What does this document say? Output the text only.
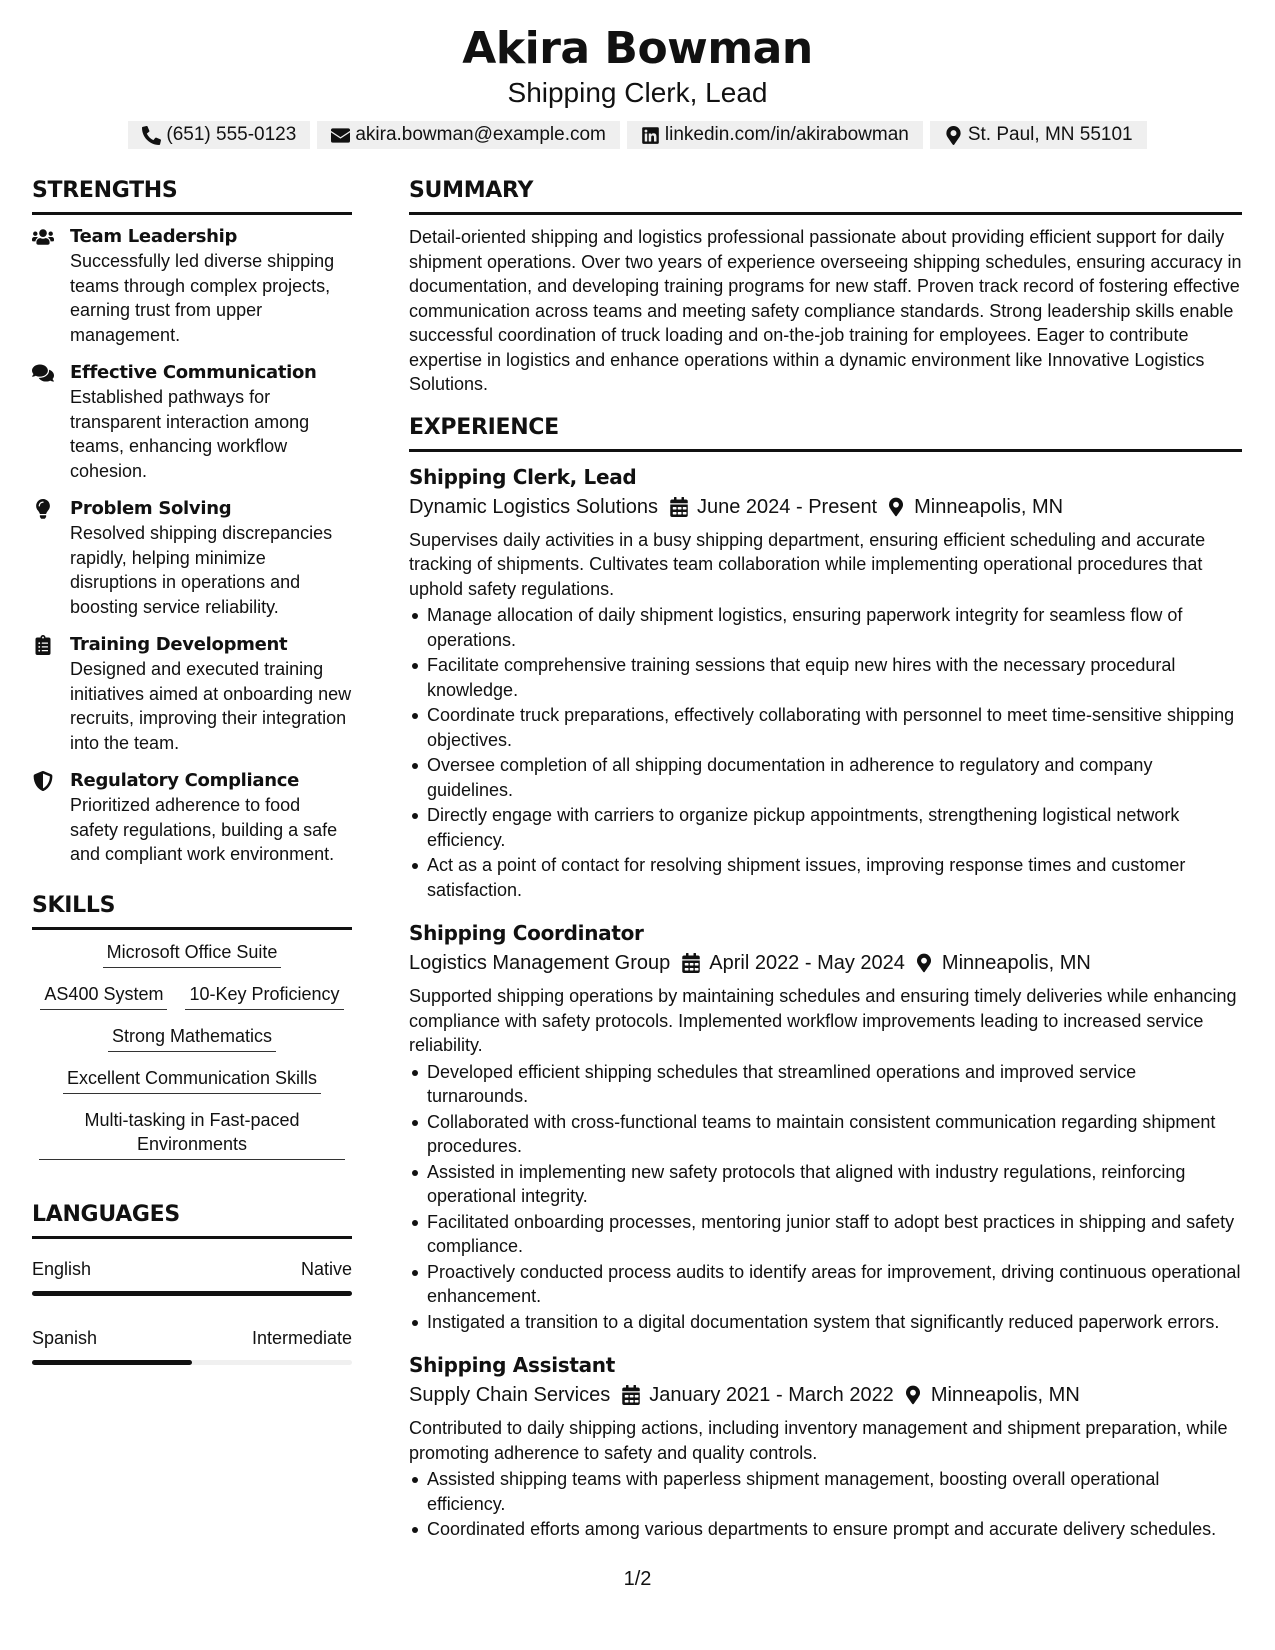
Akira Bowman
Shipping Clerk, Lead
(651) 555-0123	akira.bowman@example.com	linkedin.com/in/akirabowman	St. Paul, MN 55101
STRENGTHS
Team Leadership
Successfully led diverse shipping teams through complex projects, earning trust from upper management.
Effective Communication
Established pathways for transparent interaction among teams, enhancing workflow cohesion.
Problem Solving
Resolved shipping discrepancies rapidly, helping minimize disruptions in operations and boosting service reliability.
Training Development
Designed and executed training initiatives aimed at onboarding new recruits, improving their integration into the team.
Regulatory Compliance
Prioritized adherence to food safety regulations, building a safe and compliant work environment.
SKILLS
Microsoft Office Suite
AS400 System 10-Key Proficiency
Strong Mathematics
Excellent Communication Skills
Multi-tasking in Fast-paced Environments
LANGUAGES
English	Native
Spanish	Intermediate
SUMMARY
Detail-oriented shipping and logistics professional passionate about providing efficient support for daily shipment operations. Over two years of experience overseeing shipping schedules, ensuring accuracy in documentation, and developing training programs for new staff. Proven track record of fostering effective communication across teams and meeting safety compliance standards. Strong leadership skills enable successful coordination of truck loading and on-the-job training for employees. Eager to contribute expertise in logistics and enhance operations within a dynamic environment like Innovative Logistics Solutions.
EXPERIENCE
Shipping Clerk, Lead
Dynamic Logistics Solutions June 2024 - Present Minneapolis, MN
Supervises daily activities in a busy shipping department, ensuring efficient scheduling and accurate tracking of shipments. Cultivates team collaboration while implementing operational procedures that uphold safety regulations.
Manage allocation of daily shipment logistics, ensuring paperwork integrity for seamless flow of operations.
Facilitate comprehensive training sessions that equip new hires with the necessary procedural knowledge.
Coordinate truck preparations, effectively collaborating with personnel to meet time-sensitive shipping objectives.
Oversee completion of all shipping documentation in adherence to regulatory and company guidelines.
Directly engage with carriers to organize pickup appointments, strengthening logistical network efficiency.
Act as a point of contact for resolving shipment issues, improving response times and customer satisfaction.
Shipping Coordinator
Logistics Management Group April 2022 - May 2024 Minneapolis, MN
Supported shipping operations by maintaining schedules and ensuring timely deliveries while enhancing compliance with safety protocols. Implemented workflow improvements leading to increased service reliability.
Developed efficient shipping schedules that streamlined operations and improved service turnarounds.
Collaborated with cross-functional teams to maintain consistent communication regarding shipment procedures.
Assisted in implementing new safety protocols that aligned with industry regulations, reinforcing operational integrity.
Facilitated onboarding processes, mentoring junior staff to adopt best practices in shipping and safety compliance.
Proactively conducted process audits to identify areas for improvement, driving continuous operational enhancement.
Instigated a transition to a digital documentation system that significantly reduced paperwork errors.
Shipping Assistant
Supply Chain Services January 2021 - March 2022 Minneapolis, MN
Contributed to daily shipping actions, including inventory management and shipment preparation, while promoting adherence to safety and quality controls.
Assisted shipping teams with paperless shipment management, boosting overall operational efficiency.
Coordinated efforts among various departments to ensure prompt and accurate delivery schedules.
1/2
